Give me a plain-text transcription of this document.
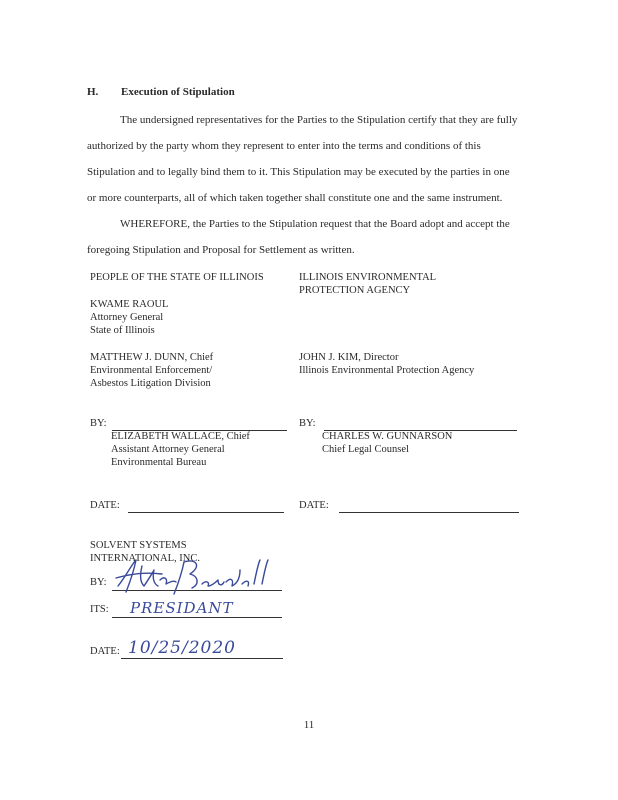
H. Execution of Stipulation

The undersigned representatives for the Parties to the Stipulation certify that they are fully

authorized by the party whom they represent to enter into the terms and conditions of this

Stipulation and to legally bind them to it. This Stipulation may be executed by the parties in one

or more counterparts, all of which taken together shall constitute one and the same instrument.

WHEREFORE, the Parties to the Stipulation request that the Board adopt and accept the

foregoing Stipulation and Proposal for Settlement as written.

PEOPLE OF THE STATE OF ILLINOIS
KWAME RAOUL
Attorney General
State of Illinois
MATTHEW J. DUNN, Chief
Environmental Enforcement/
Asbestos Litigation Division
ILLINOIS ENVIRONMENTAL
PROTECTION AGENCY
JOHN J. KIM, Director
Illinois Environmental Protection Agency
BY:
ELIZABETH WALLACE, Chief
Assistant Attorney General
Environmental Bureau
BY:
CHARLES W. GUNNARSON
Chief Legal Counsel
DATE:	DATE:
SOLVENT SYSTEMS
INTERNATIONAL, INC.
BY:
ITS: PRESIDANT
DATE: 10/25/2020
11
